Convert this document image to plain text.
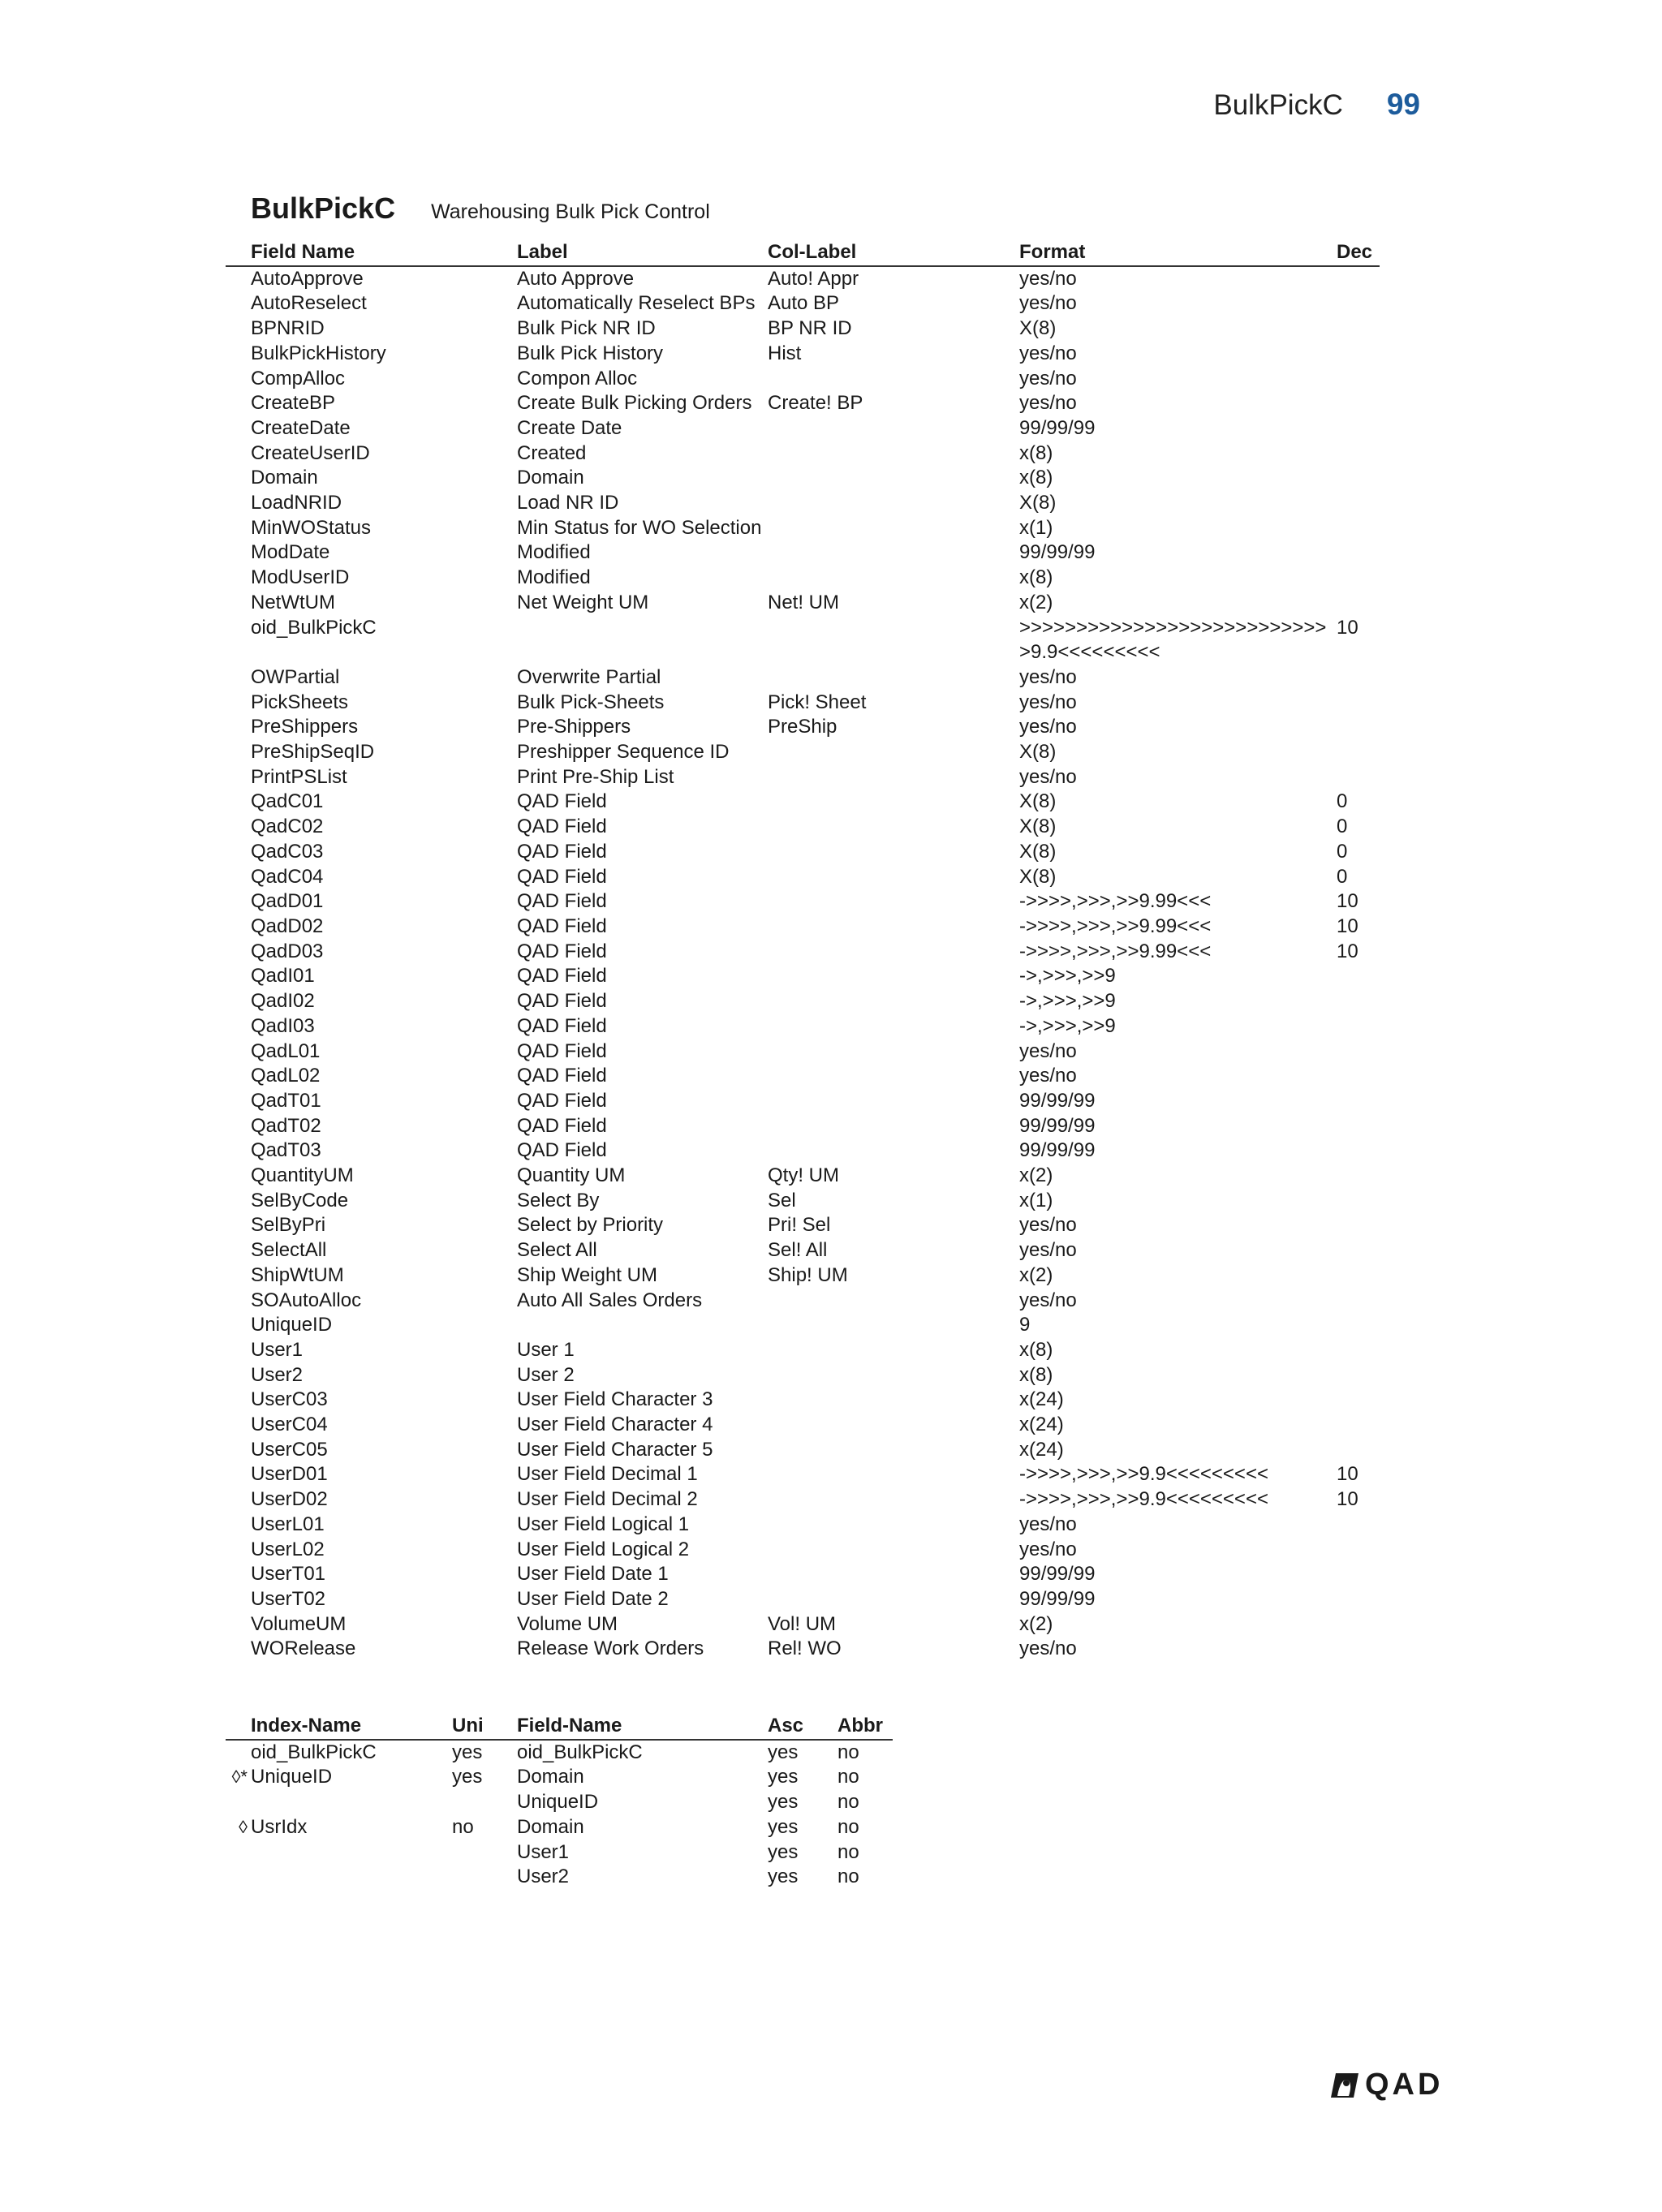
BulkPickC 99
BulkPickC Warehousing Bulk Pick Control
	Field Name	Label	Col-Label	Format	Dec
	AutoApprove	Auto Approve	Auto! Appr	yes/no	
	AutoReselect	Automatically Reselect BPs	Auto BP	yes/no	
	BPNRID	Bulk Pick NR ID	BP NR ID	X(8)	
	BulkPickHistory	Bulk Pick History	Hist	yes/no	
	CompAlloc	Compon Alloc		yes/no	
	CreateBP	Create Bulk Picking Orders	Create! BP	yes/no	
	CreateDate	Create Date		99/99/99	
	CreateUserID	Created		x(8)	
	Domain	Domain		x(8)	
	LoadNRID	Load NR ID		X(8)	
	MinWOStatus	Min Status for WO Selection		x(1)	
	ModDate	Modified		99/99/99	
	ModUserID	Modified		x(8)	
	NetWtUM	Net Weight UM	Net! UM	x(2)	
	oid_BulkPickC			>>>>>>>>>>>>>>>>>>>>>>>>>>>>9.9<<<<<<<<<	10
	OWPartial	Overwrite Partial		yes/no	
	PickSheets	Bulk Pick-Sheets	Pick! Sheet	yes/no	
	PreShippers	Pre-Shippers	PreShip	yes/no	
	PreShipSeqID	Preshipper Sequence ID		X(8)	
	PrintPSList	Print Pre-Ship List		yes/no	
	QadC01	QAD Field		X(8)	0
	QadC02	QAD Field		X(8)	0
	QadC03	QAD Field		X(8)	0
	QadC04	QAD Field		X(8)	0
	QadD01	QAD Field		->>>>,>>>,>>9.99<<<	10
	QadD02	QAD Field		->>>>,>>>,>>9.99<<<	10
	QadD03	QAD Field		->>>>,>>>,>>9.99<<<	10
	QadI01	QAD Field		->,>>>,>>9	
	QadI02	QAD Field		->,>>>,>>9	
	QadI03	QAD Field		->,>>>,>>9	
	QadL01	QAD Field		yes/no	
	QadL02	QAD Field		yes/no	
	QadT01	QAD Field		99/99/99	
	QadT02	QAD Field		99/99/99	
	QadT03	QAD Field		99/99/99	
	QuantityUM	Quantity UM	Qty! UM	x(2)	
	SelByCode	Select By	Sel	x(1)	
	SelByPri	Select by Priority	Pri! Sel	yes/no	
	SelectAll	Select All	Sel! All	yes/no	
	ShipWtUM	Ship Weight UM	Ship! UM	x(2)	
	SOAutoAlloc	Auto All Sales Orders		yes/no	
	UniqueID			9	
	User1	User 1		x(8)	
	User2	User 2		x(8)	
	UserC03	User Field Character 3		x(24)	
	UserC04	User Field Character 4		x(24)	
	UserC05	User Field Character 5		x(24)	
	UserD01	User Field Decimal 1		->>>>,>>>,>>9.9<<<<<<<<<	10
	UserD02	User Field Decimal 2		->>>>,>>>,>>9.9<<<<<<<<<	10
	UserL01	User Field Logical 1		yes/no	
	UserL02	User Field Logical 2		yes/no	
	UserT01	User Field Date 1		99/99/99	
	UserT02	User Field Date 2		99/99/99	
	VolumeUM	Volume UM	Vol! UM	x(2)	
	WORelease	Release Work Orders	Rel! WO	yes/no	
	Index-Name	Uni	Field-Name	Asc	Abbr

	oid_BulkPickC	yes	oid_BulkPickC	yes	no

◊*	UniqueID	yes	Domain	yes	no

			UniqueID	yes	no

◊	UsrIdx	no	Domain	yes	no

			User1	yes	no

			User2	yes	no
QAD
